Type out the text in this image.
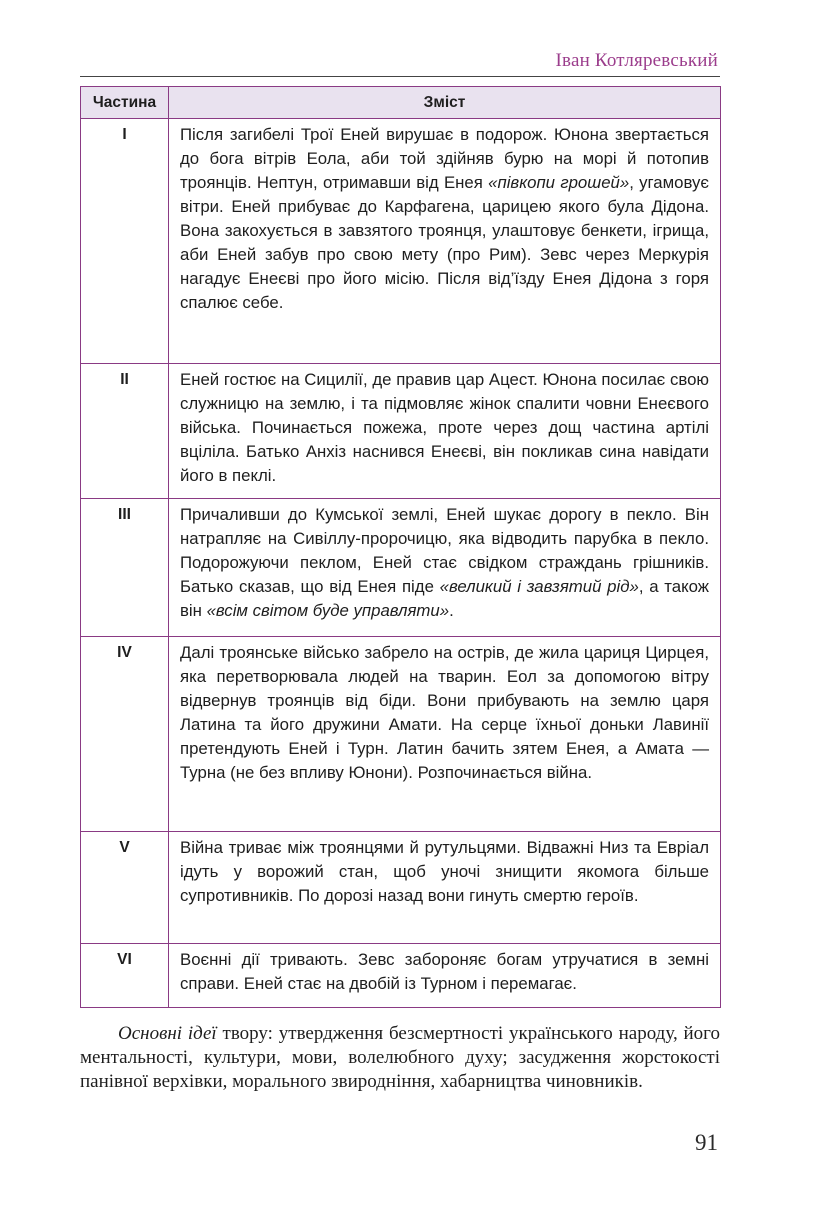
Іван Котляревський
Частина	Зміст
I	Після загибелі Трої Еней вирушає в подорож. Юнона звертається до бога вітрів Еола, аби той здійняв бурю на морі й потопив троянців. Нептун, отримавши від Енея «півкопи грошей», угамовує вітри. Еней прибуває до Карфагена, царицею якого була Дідона. Вона закохується в завзятого троянця, улаштовує бенкети, ігрища, аби Еней забув про свою мету (про Рим). Зевс через Меркурія нагадує Енеєві про його місію. Після від’їзду Енея Дідона з горя спалює себе.
II	Еней гостює на Сицилії, де правив цар Ацест. Юнона посилає свою служницю на землю, і та підмовляє жінок спалити човни Енеєвого війська. Починається пожежа, проте через дощ частина артілі вціліла. Батько Анхіз наснився Енеєві, він покликав сина навідати його в пеклі.
III	Причаливши до Кумської землі, Еней шукає дорогу в пекло. Він натрапляє на Сивіллу-пророчицю, яка відводить парубка в пекло. Подорожуючи пеклом, Еней стає свідком страждань грішників. Батько сказав, що від Енея піде «великий і завзятий рід», а також він «всім світом буде управляти».
IV	Далі троянське військо забрело на острів, де жила цариця Цирцея, яка перетворювала людей на тварин. Еол за допомогою вітру відвернув троянців від біди. Вони прибувають на землю царя Латина та його дружини Амати. На серце їхньої доньки Лавинії претендують Еней і Турн. Латин бачить зятем Енея, а Амата — Турна (не без впливу Юнони). Розпочинається війна.
V	Війна триває між троянцями й рутульцями. Відважні Низ та Евріал ідуть у ворожий стан, щоб уночі знищити якомога більше супротивників. По дорозі назад вони гинуть смертю героїв.
VI	Воєнні дії тривають. Зевс забороняє богам утручатися в земні справи. Еней стає на двобій із Турном і перемагає.

Основні ідеї твору: утвердження безсмертності українського народу, його ментальності, культури, мови, волелюбного духу; засудження жорстокості панівної верхівки, морального звиродніння, хабарництва чиновників.

91
